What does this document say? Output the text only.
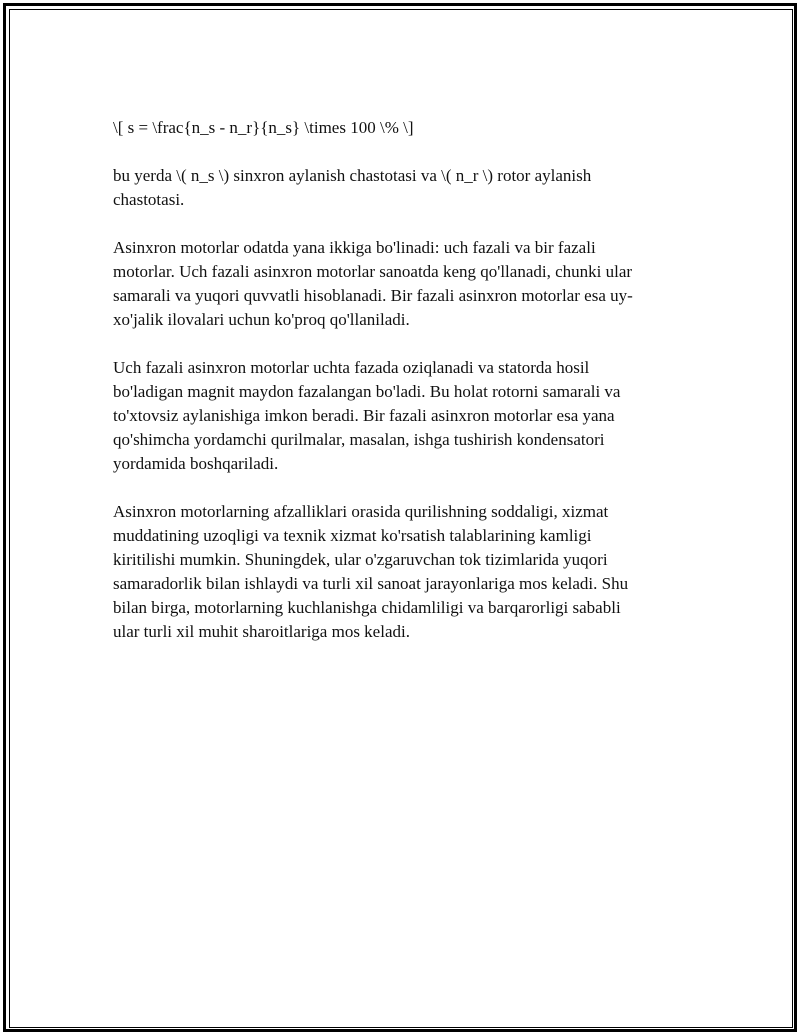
\[ s = \frac{n_s - n_r}{n_s} \times 100 \% \]

bu yerda \( n_s \) sinxron aylanish chastotasi va \( n_r \) rotor aylanish
chastotasi.

Asinxron motorlar odatda yana ikkiga bo'linadi: uch fazali va bir fazali
motorlar. Uch fazali asinxron motorlar sanoatda keng qo'llanadi, chunki ular
samarali va yuqori quvvatli hisoblanadi. Bir fazali asinxron motorlar esa uy-
xo'jalik ilovalari uchun ko'proq qo'llaniladi.

Uch fazali asinxron motorlar uchta fazada oziqlanadi va statorda hosil
bo'ladigan magnit maydon fazalangan bo'ladi. Bu holat rotorni samarali va
to'xtovsiz aylanishiga imkon beradi. Bir fazali asinxron motorlar esa yana
qo'shimcha yordamchi qurilmalar, masalan, ishga tushirish kondensatori
yordamida boshqariladi.

Asinxron motorlarning afzalliklari orasida qurilishning soddaligi, xizmat
muddatining uzoqligi va texnik xizmat ko'rsatish talablarining kamligi
kiritilishi mumkin. Shuningdek, ular o'zgaruvchan tok tizimlarida yuqori
samaradorlik bilan ishlaydi va turli xil sanoat jarayonlariga mos keladi. Shu
bilan birga, motorlarning kuchlanishga chidamliligi va barqarorligi sababli
ular turli xil muhit sharoitlariga mos keladi.
